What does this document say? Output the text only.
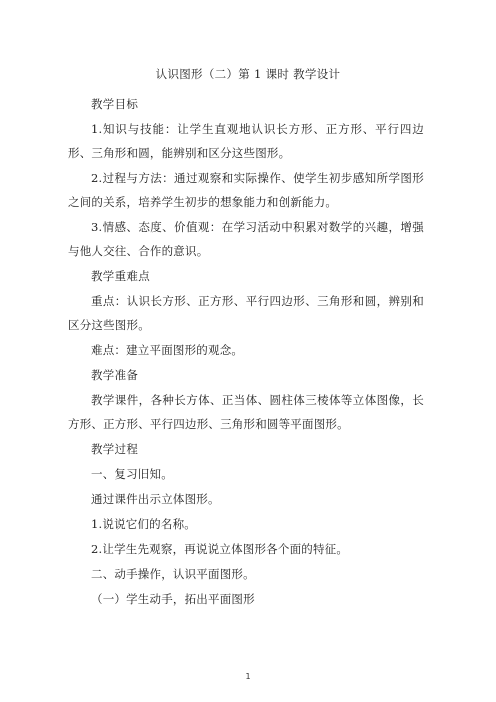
认识图形（二）第 1 课时 教学设计
教学目标
1.知识与技能：让学生直观地认识长方形、正方形、平行四边形、三角形和圆，能辨别和区分这些图形。
2.过程与方法：通过观察和实际操作、使学生初步感知所学图形之间的关系，培养学生初步的想象能力和创新能力。
3.情感、态度、价值观：在学习活动中积累对数学的兴趣，增强与他人交往、合作的意识。
教学重难点
重点：认识长方形、正方形、平行四边形、三角形和圆，辨别和区分这些图形。
难点：建立平面图形的观念。
教学准备
教学课件，各种长方体、正当体、圆柱体三棱体等立体图像，长方形、正方形、平行四边形、三角形和圆等平面图形。
教学过程
一、复习旧知。
通过课件出示立体图形。
1.说说它们的名称。
2.让学生先观察，再说说立体图形各个面的特征。
二、动手操作，认识平面图形。
（一）学生动手，拓出平面图形
1
